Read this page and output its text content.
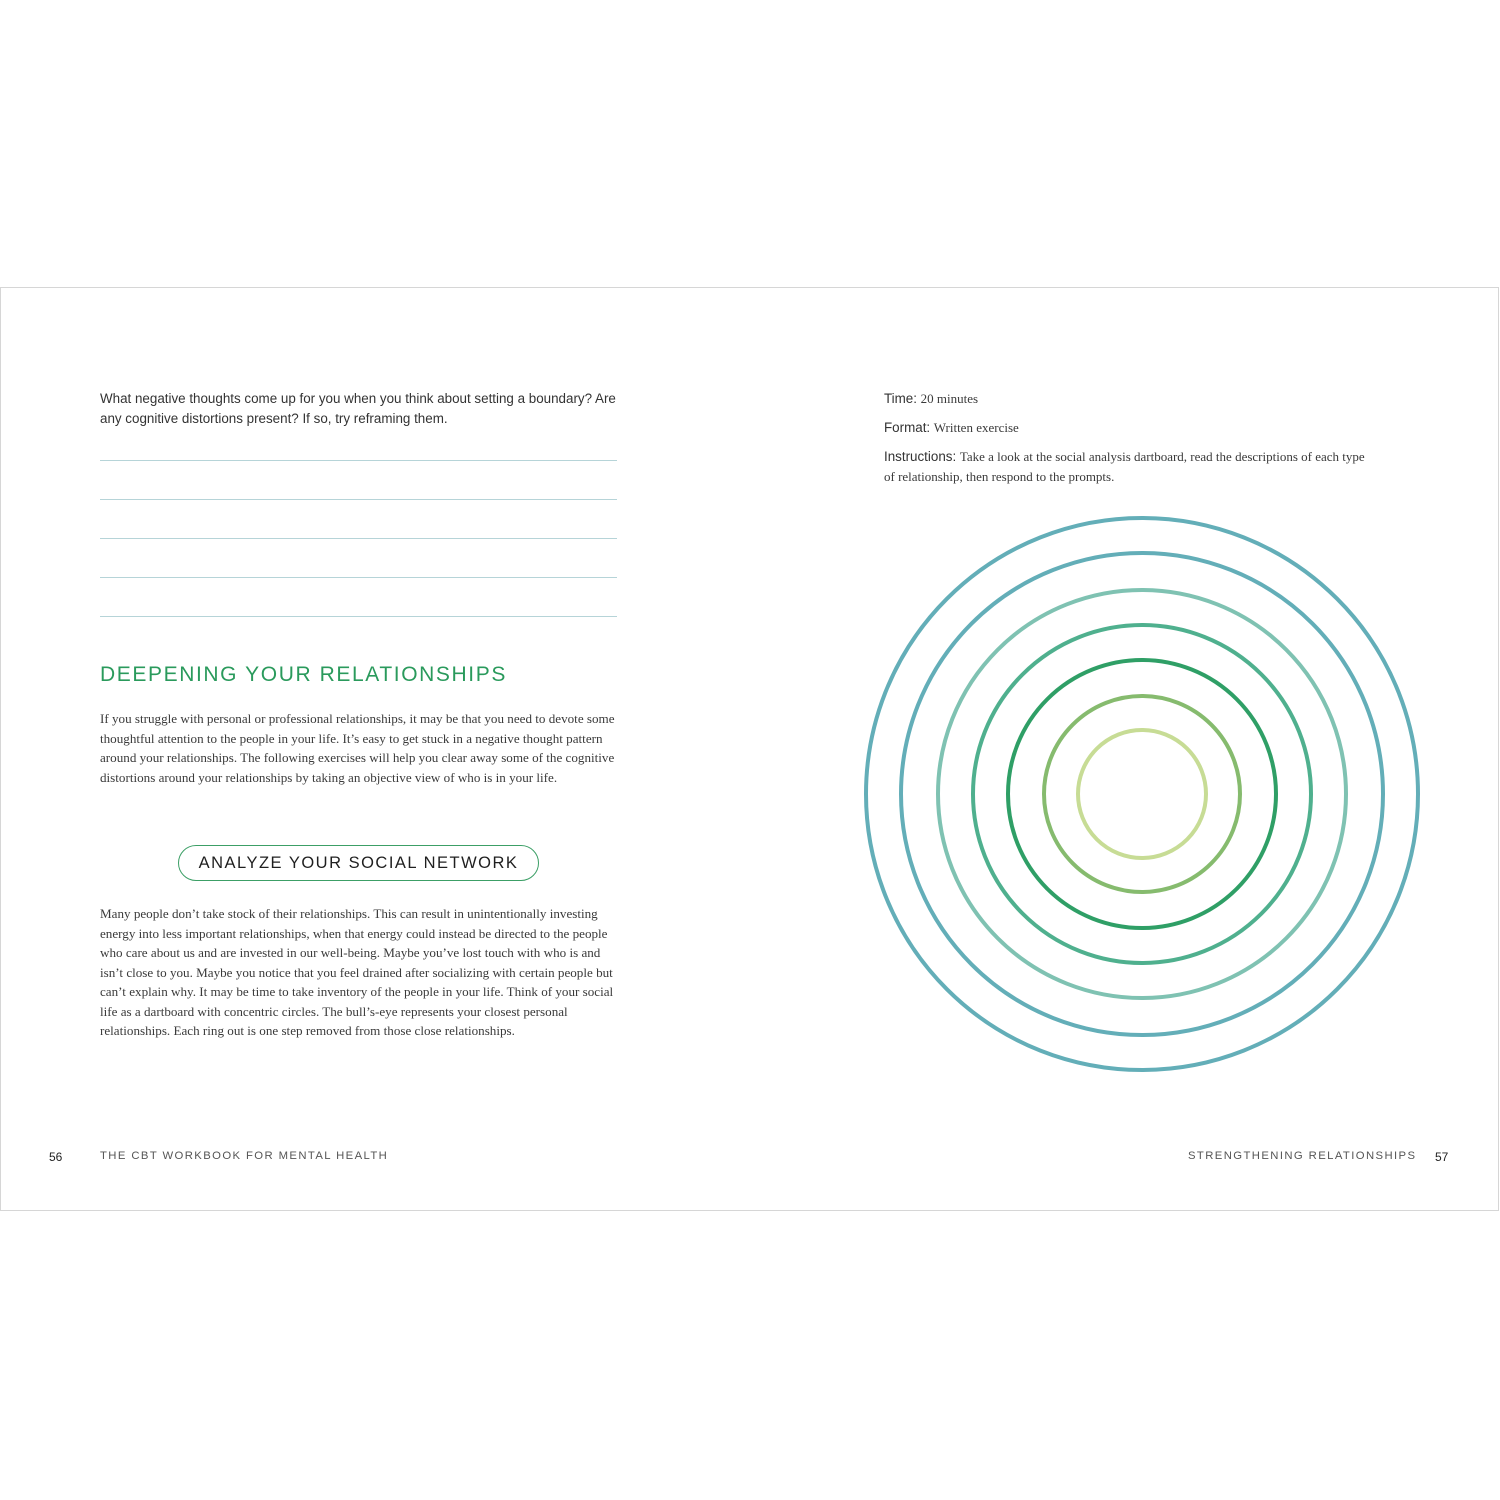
What negative thoughts come up for you when you think about setting a boundary? Are any cognitive distortions present? If so, try reframing them.

DEEPENING YOUR RELATIONSHIPS

If you struggle with personal or professional relationships, it may be that you need to devote some thoughtful attention to the people in your life. It’s easy to get stuck in a negative thought pattern around your relationships. The following exercises will help you clear away some of the cognitive distortions around your relationships by taking an objective view of who is in your life.

ANALYZE YOUR SOCIAL NETWORK

Many people don’t take stock of their relationships. This can result in unintentionally investing energy into less important relationships, when that energy could instead be directed to the people who care about us and are invested in our well-being. Maybe you’ve lost touch with who is and isn’t close to you. Maybe you notice that you feel drained after socializing with certain people but can’t explain why. It may be time to take inventory of the people in your life. Think of your social life as a dartboard with concentric circles. The bull’s-eye represents your closest personal relationships. Each ring out is one step removed from those close relationships.

56	THE CBT WORKBOOK FOR MENTAL HEALTH

Time: 20 minutes

Format: Written exercise

Instructions: Take a look at the social analysis dartboard, read the descriptions of each type of relationship, then respond to the prompts.

STRENGTHENING RELATIONSHIPS 57
